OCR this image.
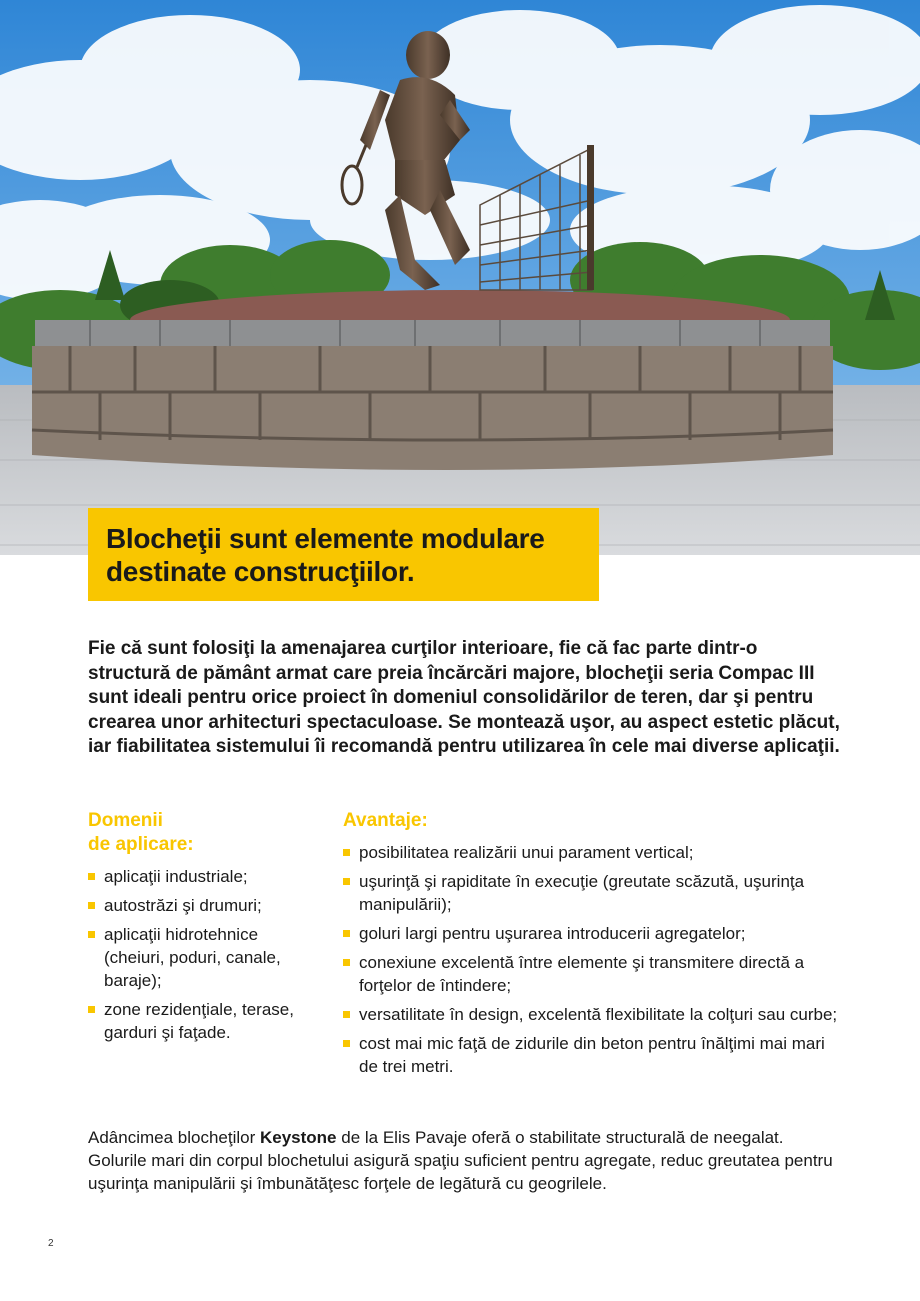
Blocheţii sunt elemente modulare
destinate construcţiilor.

Fie că sunt folosiţi la amenajarea curţilor interioare, fie că fac parte dintr-o structură de pământ armat care preia încărcări majore, blocheţii seria Compac III sunt ideali pentru orice proiect în domeniul consolidărilor de teren, dar şi pentru crearea unor arhitecturi spectaculoase. Se montează uşor, au aspect estetic plăcut, iar fiabilitatea sistemului îi recomandă pentru utilizarea în cele mai diverse aplicaţii.

Domenii
de aplicare:
aplicaţii industriale;
autostrăzi şi drumuri;
aplicaţii hidrotehnice (cheiuri, poduri, canale, baraje);
zone rezidenţiale, terase, garduri şi faţade.
Avantaje:
posibilitatea realizării unui parament vertical;
uşurinţă şi rapiditate în execuţie (greutate scăzută, uşurinţa manipulării);
goluri largi pentru uşurarea introducerii agregatelor;
conexiune excelentă între elemente şi transmitere directă a forţelor de întindere;
versatilitate în design, excelentă flexibilitate la colţuri sau curbe;
cost mai mic faţă de zidurile din beton pentru înălţimi mai mari de trei metri.

Adâncimea blocheţilor Keystone de la Elis Pavaje oferă o stabilitate structurală de neegalat. Golurile mari din corpul blochetului asigură spaţiu suficient pentru agregate, reduc greutatea pentru uşurinţa manipulării şi îmbunătăţesc forţele de legătură cu geogrilele.

2
